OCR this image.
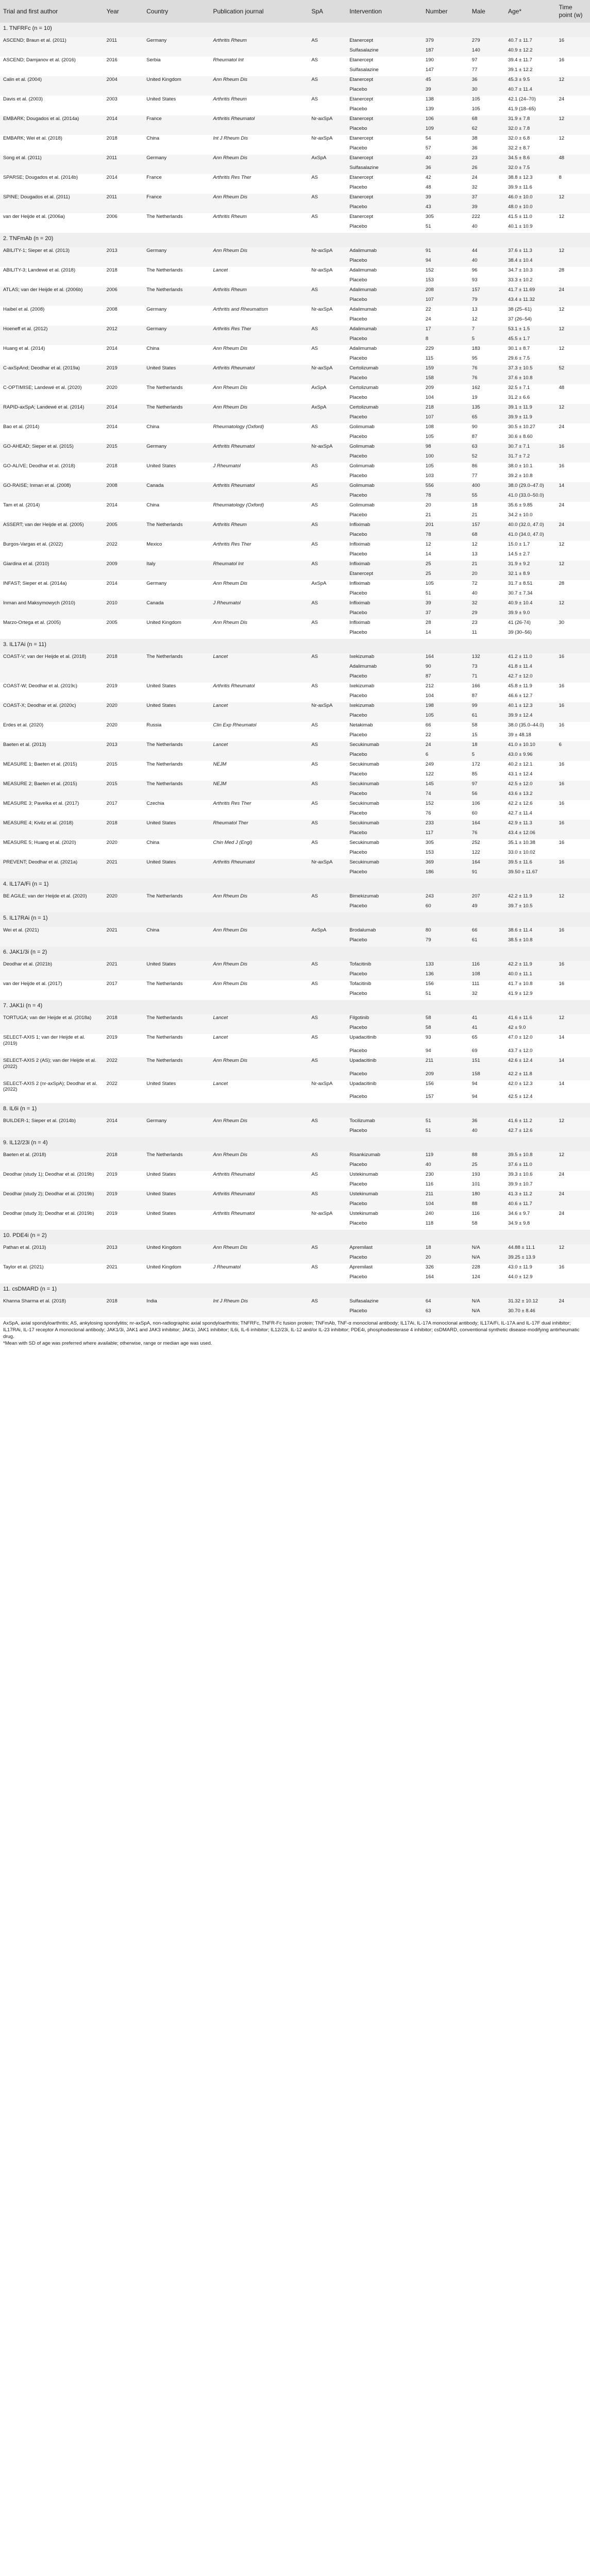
Trial and first author	Year	Country	Publication journal	SpA	Intervention	Number	Male	Age*	Time point (w)
1. TNFRFc (n = 10)									
ASCEND; Braun et al. (2011)	2011	Germany	Arthritis Rheum	AS	Etanercept	379	279	40.7 ± 11.7	16
					Sulfasalazine	187	140	40.9 ± 12.2	
ASCEND; Damjanov et al. (2016)	2016	Serbia	Rheumatol Int	AS	Etanercept	190	97	39.4 ± 11.7	16
					Sulfasalazine	147	77	39.1 ± 12.2	
Calin et al. (2004)	2004	United Kingdom	Ann Rheum Dis	AS	Etanercept	45	36	45.3 ± 9.5	12
					Placebo	39	30	40.7 ± 11.4	
Davis et al. (2003)	2003	United States	Arthritis Rheum	AS	Etanercept	138	105	42.1 (24–70)	24
					Placebo	139	105	41.9 (18–65)	
EMBARK; Dougados et al. (2014a)	2014	France	Arthritis Rheumatol	Nr-axSpA	Etanercept	106	68	31.9 ± 7.8	12
					Placebo	109	62	32.0 ± 7.8	
EMBARK; Wei et al. (2018)	2018	China	Int J Rheum Dis	Nr-axSpA	Etanercept	54	38	32.0 ± 6.8	12
					Placebo	57	36	32.2 ± 8.7	
Song et al. (2011)	2011	Germany	Ann Rheum Dis	AxSpA	Etanercept	40	23	34.5 ± 8.6	48
					Sulfasalazine	36	26	32.0 ± 7.5	
SPARSE; Dougados et al. (2014b)	2014	France	Arthritis Res Ther	AS	Etanercept	42	24	38.8 ± 12.3	8
					Placebo	48	32	39.9 ± 11.6	
SPINE; Dougados et al. (2011)	2011	France	Ann Rheum Dis	AS	Etanercept	39	37	46.0 ± 10.0	12
					Placebo	43	39	48.0 ± 10.0	
van der Heijde et al. (2006a)	2006	The Netherlands	Arthritis Rheum	AS	Etanercept	305	222	41.5 ± 11.0	12
					Placebo	51	40	40.1 ± 10.9	
2. TNFmAb (n = 20)									
ABILITY-1; Sieper et al. (2013)	2013	Germany	Ann Rheum Dis	Nr-axSpA	Adalimumab	91	44	37.6 ± 11.3	12
					Placebo	94	40	38.4 ± 10.4	
ABILITY-3; Landewé et al. (2018)	2018	The Netherlands	Lancet	Nr-axSpA	Adalimumab	152	96	34.7 ± 10.3	28
					Placebo	153	93	33.3 ± 10.2	
ATLAS; van der Heijde et al. (2006b)	2006	The Netherlands	Arthritis Rheum	AS	Adalimumab	208	157	41.7 ± 11.69	24
					Placebo	107	79	43.4 ± 11.32	
Haibel et al. (2008)	2008	Germany	Arthritis and Rheumatism	Nr-axSpA	Adalimumab	22	13	38 (25–61)	12
					Placebo	24	12	37 (26–54)	
Hoeneff et al. (2012)	2012	Germany	Arthritis Res Ther	AS	Adalimumab	17	7	53.1 ± 1.5	12
					Placebo	8	5	45.5 ± 1.7	
Huang et al. (2014)	2014	China	Ann Rheum Dis	AS	Adalimumab	229	183	30.1 ± 8.7	12
					Placebo	115	95	29.6 ± 7.5	
C-axSpAnd; Deodhar et al. (2019a)	2019	United States	Arthritis Rheumatol	Nr-axSpA	Certolizumab	159	76	37.3 ± 10.5	52
					Placebo	158	76	37.6 ± 10.8	
C-OPTIMISE; Landewé et al. (2020)	2020	The Netherlands	Ann Rheum Dis	AxSpA	Certolizumab	209	162	32.5 ± 7.1	48
					Placebo	104	19	31.2 ± 6.6	
RAPID-axSpA; Landewé et al. (2014)	2014	The Netherlands	Ann Rheum Dis	AxSpA	Certolizumab	218	135	39.1 ± 11.9	12
					Placebo	107	65	39.9 ± 11.9	
Bao et al. (2014)	2014	China	Rheumatology (Oxford)	AS	Golimumab	108	90	30.5 ± 10.27	24
					Placebo	105	87	30.6 ± 8.60	
GO-AHEAD; Sieper et al. (2015)	2015	Germany	Arthritis Rheumatol	Nr-axSpA	Golimumab	98	63	30.7 ± 7.1	16
					Placebo	100	52	31.7 ± 7.2	
GO-ALIVE; Deodhar et al. (2018)	2018	United States	J Rheumatol	AS	Golimumab	105	86	38.0 ± 10.1	16
					Placebo	103	77	39.2 ± 10.8	
GO-RAISE; Inman et al. (2008)	2008	Canada	Arthritis Rheumatol	AS	Golimumab	556	400	38.0 (29.0–47.0)	14
					Placebo	78	55	41.0 (33.0–50.0)	
Tam et al. (2014)	2014	China	Rheumatology (Oxford)	AS	Golimumab	20	18	35.6 ± 9.85	24
					Placebo	21	21	34.2 ± 10.0	
ASSERT; van der Heijde et al. (2005)	2005	The Netherlands	Arthritis Rheum	AS	Infliximab	201	157	40.0 (32.0, 47.0)	24
					Placebo	78	68	41.0 (34.0, 47.0)	
Burgos-Vargas et al. (2022)	2022	Mexico	Arthritis Res Ther	AS	Infliximab	12	12	15.0 ± 1.7	12
					Placebo	14	13	14.5 ± 2.7	
Giardina et al. (2010)	2009	Italy	Rheumatol Int	AS	Infliximab	25	21	31.9 ± 9.2	12
					Etanercept	25	20	32.1 ± 8.9	
INFAST; Sieper et al. (2014a)	2014	Germany	Ann Rheum Dis	AxSpA	Infliximab	105	72	31.7 ± 8.51	28
					Placebo	51	40	30.7 ± 7.34	
Inman and Maksymowych (2010)	2010	Canada	J Rheumatol	AS	Infliximab	39	32	40.9 ± 10.4	12
					Placebo	37	29	39.9 ± 9.0	
Marzo-Ortega et al. (2005)	2005	United Kingdom	Ann Rheum Dis	AS	Infliximab	28	23	41 (26-74)	30
					Placebo	14	11	39 (30–56)	
3. IL17Ai (n = 11)									
COAST-V; van der Heijde et al. (2018)	2018	The Netherlands	Lancet	AS	Ixekizumab	164	132	41.2 ± 11.0	16
					Adalimumab	90	73	41.8 ± 11.4	
					Placebo	87	71	42.7 ± 12.0	
COAST-W; Deodhar et al. (2019c)	2019	United States	Arthritis Rheumatol	AS	Ixekizumab	212	166	45.8 ± 11.9	16
					Placebo	104	87	46.6 ± 12.7	
COAST-X; Deodhar et al. (2020c)	2020	United States	Lancet	Nr-axSpA	Ixekizumab	198	99	40.1 ± 12.3	16
					Placebo	105	61	39.9 ± 12.4	
Erdes et al. (2020)	2020	Russia	Clin Exp Rheumatol	AS	Netakimab	66	58	38.0 (35.0–44.0)	16
					Placebo	22	15	39 ± 48.18	
Baeten et al. (2013)	2013	The Netherlands	Lancet	AS	Secukinumab	24	18	41.0 ± 10.10	6
					Placebo	6	5	43.0 ± 9.96	
MEASURE 1; Baeten et al. (2015)	2015	The Netherlands	NEJM	AS	Secukinumab	249	172	40.2 ± 12.1	16
					Placebo	122	85	43.1 ± 12.4	
MEASURE 2; Baeten et al. (2015)	2015	The Netherlands	NEJM	AS	Secukinumab	145	97	42.5 ± 12.0	16
					Placebo	74	56	43.6 ± 13.2	
MEASURE 3; Pavelka et al. (2017)	2017	Czechia	Arthritis Res Ther	AS	Secukinumab	152	106	42.2 ± 12.6	16
					Placebo	76	60	42.7 ± 11.4	
MEASURE 4; Kivitz et al. (2018)	2018	United States	Rheumatol Ther	AS	Secukinumab	233	164	42.9 ± 11.3	16
					Placebo	117	76	43.4 ± 12.06	
MEASURE 5; Huang et al. (2020)	2020	China	Chin Med J (Engl)	AS	Secukinumab	305	252	35.1 ± 10.38	16
					Placebo	153	122	33.0 ± 10.02	
PREVENT; Deodhar et al. (2021a)	2021	United States	Arthritis Rheumatol	Nr-axSpA	Secukinumab	369	164	39.5 ± 11.6	16
					Placebo	186	91	39.50 ± 11.67	
4. IL17A/Fi (n = 1)									
BE AGILE; van der Heijde et al. (2020)	2020	The Netherlands	Ann Rheum Dis	AS	Bimekizumab	243	207	42.2 ± 11.9	12
					Placebo	60	49	39.7 ± 10.5	
5. IL17RAi (n = 1)									
Wei et al. (2021)	2021	China	Ann Rheum Dis	AxSpA	Brodalumab	80	66	38.6 ± 11.4	16
					Placebo	79	61	38.5 ± 10.8	
6. JAK1/3i (n = 2)									
Deodhar et al. (2021b)	2021	United States	Ann Rheum Dis	AS	Tofacitinib	133	116	42.2 ± 11.9	16
					Placebo	136	108	40.0 ± 11.1	
van der Heijde et al. (2017)	2017	The Netherlands	Ann Rheum Dis	AS	Tofacitinib	156	111	41.7 ± 10.8	16
					Placebo	51	32	41.9 ± 12.9	
7. JAK1i (n = 4)									
TORTUGA; van der Heijde et al. (2018a)	2018	The Netherlands	Lancet	AS	Filgotinib	58	41	41.6 ± 11.6	12
					Placebo	58	41	42 ± 9.0	
SELECT-AXIS 1; van der Heijde et al. (2019)	2019	The Netherlands	Lancet	AS	Upadacitinib	93	65	47.0 ± 12.0	14
					Placebo	94	69	43.7 ± 12.0	
SELECT-AXIS 2 (AS); van der Heijde et al. (2022)	2022	The Netherlands	Ann Rheum Dis	AS	Upadacitinib	211	151	42.6 ± 12.4	14
					Placebo	209	158	42.2 ± 11.8	
SELECT-AXIS 2 (nr-axSpA); Deodhar et al. (2022)	2022	United States	Lancet	Nr-axSpA	Upadacitinib	156	94	42.0 ± 12.3	14
					Placebo	157	94	42.5 ± 12.4	
8. IL6i (n = 1)									
BUILDER-1; Sieper et al. (2014b)	2014	Germany	Ann Rheum Dis	AS	Tocilizumab	51	36	41.6 ± 11.2	12
					Placebo	51	40	42.7 ± 12.6	
9. IL12/23i (n = 4)									
Baeten et al. (2018)	2018	The Netherlands	Ann Rheum Dis	AS	Risankizumab	119	88	39.5 ± 10.8	12
					Placebo	40	25	37.6 ± 11.0	
Deodhar (study 1); Deodhar et al. (2019b)	2019	United States	Arthritis Rheumatol	AS	Ustekinumab	230	193	39.3 ± 10.6	24
					Placebo	116	101	39.9 ± 10.7	
Deodhar (study 2); Deodhar et al. (2019b)	2019	United States	Arthritis Rheumatol	AS	Ustekinumab	211	180	41.3 ± 11.2	24
					Placebo	104	88	40.6 ± 11.7	
Deodhar (study 3); Deodhar et al. (2019b)	2019	United States	Arthritis Rheumatol	Nr-axSpA	Ustekinumab	240	116	34.6 ± 9.7	24
					Placebo	118	58	34.9 ± 9.8	
10. PDE4i (n = 2)									
Pathan et al. (2013)	2013	United Kingdom	Ann Rheum Dis	AS	Apremilast	18	N/A	44.88 ± 11.1	12
					Placebo	20	N/A	39.25 ± 13.9	
Taylor et al. (2021)	2021	United Kingdom	J Rheumatol	AS	Apremilast	326	228	43.0 ± 11.9	16
					Placebo	164	124	44.0 ± 12.9	
11. csDMARD (n = 1)									
Khanna Sharma et al. (2018)	2018	India	Int J Rheum Dis	AS	Sulfasalazine	64	N/A	31.32 ± 10.12	24
					Placebo	63	N/A	30.70 ± 8.46	
AxSpA, axial spondyloarthritis; AS, ankylosing spondylitis; nr-axSpA, non-radiographic axial spondyloarthritis; TNFRFc, TNFR-Fc fusion protein; TNFmAb, TNF-α monoclonal antibody; IL17Ai, IL-17A monoclonal antibody; IL17A/Fi, IL-17A and IL-17F dual inhibitor; IL17RAi, IL-17 receptor A monoclonal antibody; JAK1/3i, JAK1 and JAK3 inhibitor; JAK1i, JAK1 inhibitor; IL6i, IL-6 inhibitor; IL12/23i, IL-12 and/or IL-23 inhibitor; PDE4i, phosphodiesterase 4 inhibitor; csDMARD, conventional synthetic disease-modifying antirheumatic drug.
*Mean with SD of age was preferred where available; otherwise, range or median age was used.
